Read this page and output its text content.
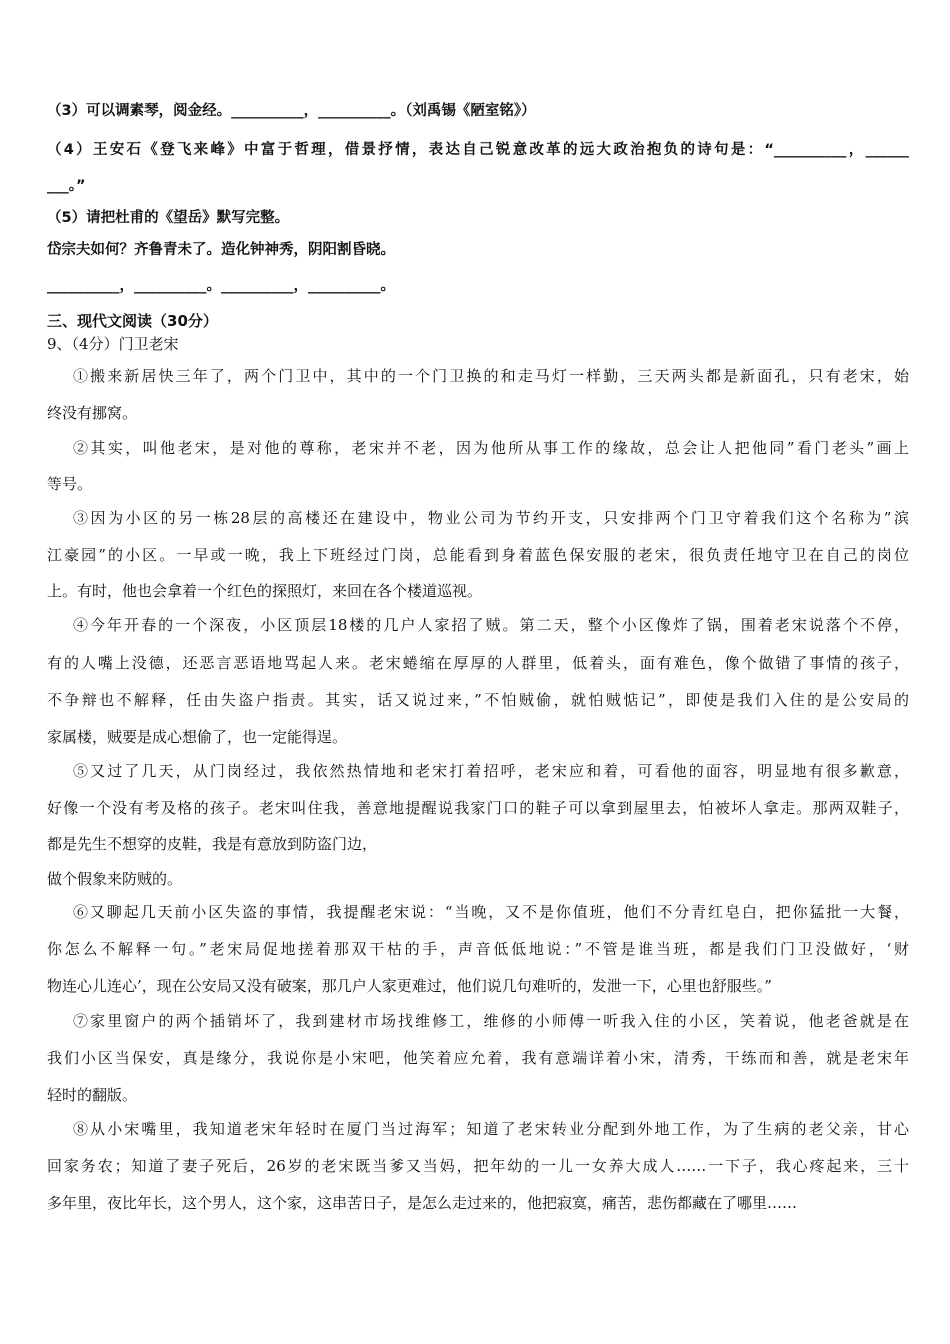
（3）可以调素琴，阅金经。__________，__________。（刘禹锡《陋室铭》）
（4）王安石《登飞来峰》中富于哲理，借景抒情，表达自己锐意改革的远大政治抱负的诗句是：“__________，______
___。”
（5）请把杜甫的《望岳》默写完整。
岱宗夫如何？齐鲁青未了。造化钟神秀，阴阳割昏晓。
__________，__________。__________，__________。
三、现代文阅读（30分）
9、（4分）门卫老宋
①搬来新居快三年了，两个门卫中，其中的一个门卫换的和走马灯一样勤，三天两头都是新面孔，只有老宋，始
终没有挪窝。
②其实，叫他老宋，是对他的尊称，老宋并不老，因为他所从事工作的缘故，总会让人把他同”看门老头”画上
等号。
③因为小区的另一栋28层的高楼还在建设中，物业公司为节约开支，只安排两个门卫守着我们这个名称为”滨
江豪园”的小区。一早或一晚，我上下班经过门岗，总能看到身着蓝色保安服的老宋，很负责任地守卫在自己的岗位
上。有时，他也会拿着一个红色的探照灯，来回在各个楼道巡视。
④今年开春的一个深夜，小区顶层18楼的几户人家招了贼。第二天，整个小区像炸了锅，围着老宋说落个不停，
有的人嘴上没德，还恶言恶语地骂起人来。老宋蜷缩在厚厚的人群里，低着头，面有难色，像个做错了事情的孩子，
不争辩也不解释，任由失盗户指责。其实，话又说过来，”不怕贼偷，就怕贼惦记”，即使是我们入住的是公安局的
家属楼，贼要是成心想偷了，也一定能得逞。
⑤又过了几天，从门岗经过，我依然热情地和老宋打着招呼，老宋应和着，可看他的面容，明显地有很多歉意，
好像一个没有考及格的孩子。老宋叫住我，善意地提醒说我家门口的鞋子可以拿到屋里去，怕被坏人拿走。那两双鞋子，
都是先生不想穿的皮鞋，我是有意放到防盗门边，
做个假象来防贼的。
⑥又聊起几天前小区失盗的事情，我提醒老宋说：“当晚，又不是你值班，他们不分青红皂白，把你猛批一大餐，
你怎么不解释一句。”老宋局促地搓着那双干枯的手，声音低低地说：”不管是谁当班，都是我们门卫没做好，‘财
物连心儿连心’，现在公安局又没有破案，那几户人家更难过，他们说几句难听的，发泄一下，心里也舒服些。”
⑦家里窗户的两个插销坏了，我到建材市场找维修工，维修的小师傅一听我入住的小区，笑着说，他老爸就是在
我们小区当保安，真是缘分，我说你是小宋吧，他笑着应允着，我有意端详着小宋，清秀，干练而和善，就是老宋年
轻时的翻版。
⑧从小宋嘴里，我知道老宋年轻时在厦门当过海军；知道了老宋转业分配到外地工作，为了生病的老父亲，甘心
回家务农；知道了妻子死后，26岁的老宋既当爹又当妈，把年幼的一儿一女养大成人……一下子，我心疼起来，三十
多年里，夜比年长，这个男人，这个家，这串苦日子，是怎么走过来的，他把寂寞，痛苦，悲伤都藏在了哪里……
